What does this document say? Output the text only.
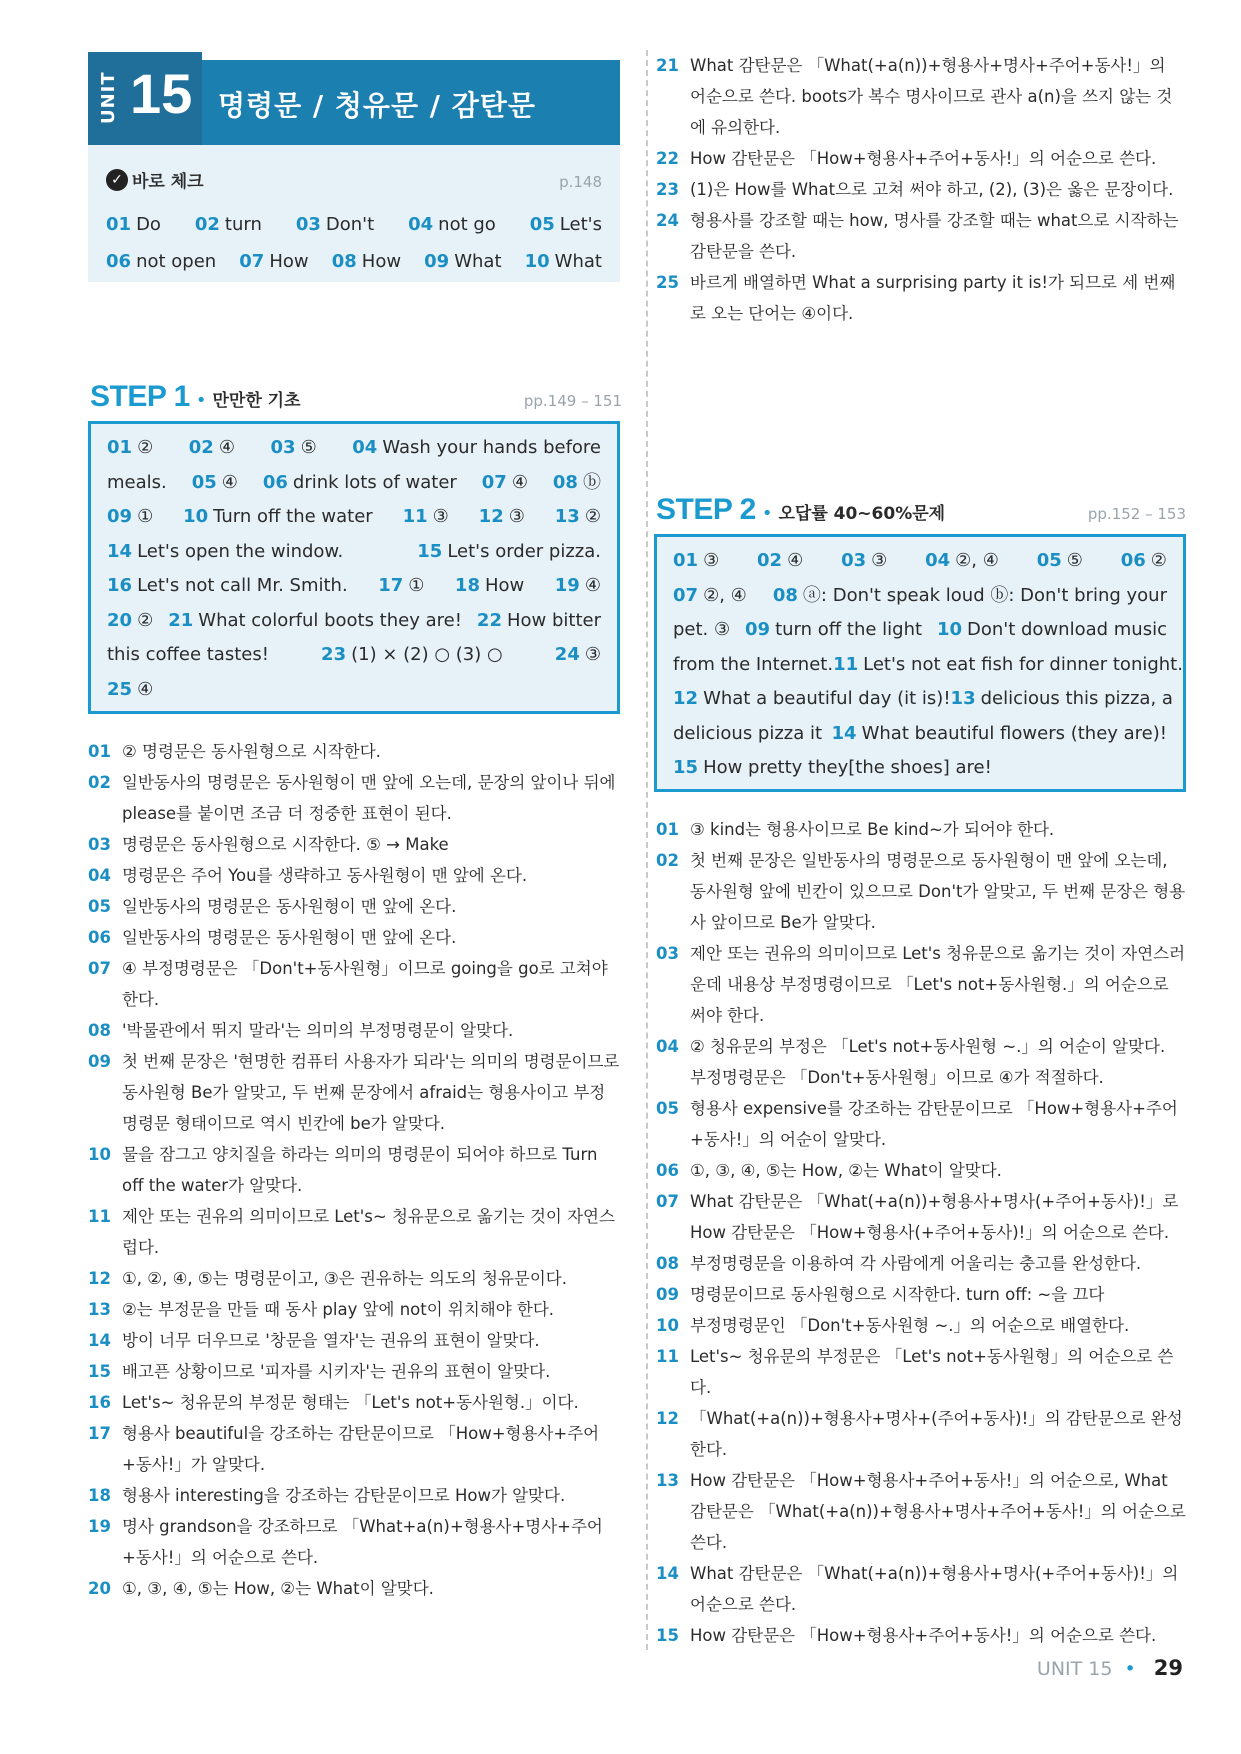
UNIT 15 명령문 / 청유문 / 감탄문
✓ 바로 체크	p.148
01 Do 02 turn 03 Don't 04 not go 05 Let's
06 not open 07 How 08 How 09 What 10 What
STEP 1 • 만만한 기초	pp.149 – 151
01 ② 02 ④ 03 ⑤ 04 Wash your hands before
meals. 05 ④ 06 drink lots of water 07 ④ 08 ⓑ
09 ① 10 Turn off the water 11 ③ 12 ③ 13 ②
14 Let's open the window.	15 Let's order pizza.
16 Let's not call Mr. Smith. 17 ① 18 How 19 ④
20 ② 21 What colorful boots they are! 22 How bitter
this coffee tastes!	23 (1) × (2) ○ (3) ○	24 ③
25 ④
01 ② 명령문은 동사원형으로 시작한다.
02 일반동사의 명령문은 동사원형이 맨 앞에 오는데, 문장의 앞이나 뒤에 please를 붙이면 조금 더 정중한 표현이 된다.
03 명령문은 동사원형으로 시작한다. ⑤ → Make
04 명령문은 주어 You를 생략하고 동사원형이 맨 앞에 온다.
05 일반동사의 명령문은 동사원형이 맨 앞에 온다.
06 일반동사의 명령문은 동사원형이 맨 앞에 온다.
07 ④ 부정명령문은 「Don't+동사원형」이므로 going을 go로 고쳐야 한다.
08 '박물관에서 뛰지 말라'는 의미의 부정명령문이 알맞다.
09 첫 번째 문장은 '현명한 컴퓨터 사용자가 되라'는 의미의 명령문이므로 동사원형 Be가 알맞고, 두 번째 문장에서 afraid는 형용사이고 부정명령문 형태이므로 역시 빈칸에 be가 알맞다.
10 물을 잠그고 양치질을 하라는 의미의 명령문이 되어야 하므로 Turn off the water가 알맞다.
11 제안 또는 권유의 의미이므로 Let's~ 청유문으로 옮기는 것이 자연스럽다.
12 ①, ②, ④, ⑤는 명령문이고, ③은 권유하는 의도의 청유문이다.
13 ②는 부정문을 만들 때 동사 play 앞에 not이 위치해야 한다.
14 방이 너무 더우므로 '창문을 열자'는 권유의 표현이 알맞다.
15 배고픈 상황이므로 '피자를 시키자'는 권유의 표현이 알맞다.
16 Let's~ 청유문의 부정문 형태는 「Let's not+동사원형.」이다.
17 형용사 beautiful을 강조하는 감탄문이므로 「How+형용사+주어+동사!」가 알맞다.
18 형용사 interesting을 강조하는 감탄문이므로 How가 알맞다.
19 명사 grandson을 강조하므로 「What+a(n)+형용사+명사+주어+동사!」의 어순으로 쓴다.
20 ①, ③, ④, ⑤는 How, ②는 What이 알맞다.
21 What 감탄문은 「What(+a(n))+형용사+명사+주어+동사!」의 어순으로 쓴다. boots가 복수 명사이므로 관사 a(n)을 쓰지 않는 것에 유의한다.
22 How 감탄문은 「How+형용사+주어+동사!」의 어순으로 쓴다.
23 (1)은 How를 What으로 고쳐 써야 하고, (2), (3)은 옳은 문장이다.
24 형용사를 강조할 때는 how, 명사를 강조할 때는 what으로 시작하는 감탄문을 쓴다.
25 바르게 배열하면 What a surprising party it is!가 되므로 세 번째로 오는 단어는 ④이다.
STEP 2 • 오답률 40~60%문제	pp.152 – 153
01 ③ 02 ④ 03 ③ 04 ②, ④ 05 ⑤ 06 ②
07 ②, ④ 08 ⓐ: Don't speak loud ⓑ: Don't bring your
pet. ③ 09 turn off the light 10 Don't download music
from the Internet. 11 Let's not eat fish for dinner tonight.
12 What a beautiful day (it is)! 13 delicious this pizza, a
delicious pizza it 14 What beautiful flowers (they are)!
15 How pretty they[the shoes] are!
01 ③ kind는 형용사이므로 Be kind~가 되어야 한다.
02 첫 번째 문장은 일반동사의 명령문으로 동사원형이 맨 앞에 오는데, 동사원형 앞에 빈칸이 있으므로 Don't가 알맞고, 두 번째 문장은 형용사 앞이므로 Be가 알맞다.
03 제안 또는 권유의 의미이므로 Let's 청유문으로 옮기는 것이 자연스러운데 내용상 부정명령이므로 「Let's not+동사원형.」의 어순으로 써야 한다.
04 ② 청유문의 부정은 「Let's not+동사원형 ~.」의 어순이 알맞다. 부정명령문은 「Don't+동사원형」이므로 ④가 적절하다.
05 형용사 expensive를 강조하는 감탄문이므로 「How+형용사+주어+동사!」의 어순이 알맞다.
06 ①, ③, ④, ⑤는 How, ②는 What이 알맞다.
07 What 감탄문은 「What(+a(n))+형용사+명사(+주어+동사)!」로 How 감탄문은 「How+형용사(+주어+동사)!」의 어순으로 쓴다.
08 부정명령문을 이용하여 각 사람에게 어울리는 충고를 완성한다.
09 명령문이므로 동사원형으로 시작한다. turn off: ~을 끄다
10 부정명령문인 「Don't+동사원형 ~.」의 어순으로 배열한다.
11 Let's~ 청유문의 부정문은 「Let's not+동사원형」의 어순으로 쓴다.
12 「What(+a(n))+형용사+명사+(주어+동사)!」의 감탄문으로 완성한다.
13 How 감탄문은 「How+형용사+주어+동사!」의 어순으로, What 감탄문은 「What(+a(n))+형용사+명사+주어+동사!」의 어순으로 쓴다.
14 What 감탄문은 「What(+a(n))+형용사+명사(+주어+동사)!」의 어순으로 쓴다.
15 How 감탄문은 「How+형용사+주어+동사!」의 어순으로 쓴다.
UNIT 15 • 29
